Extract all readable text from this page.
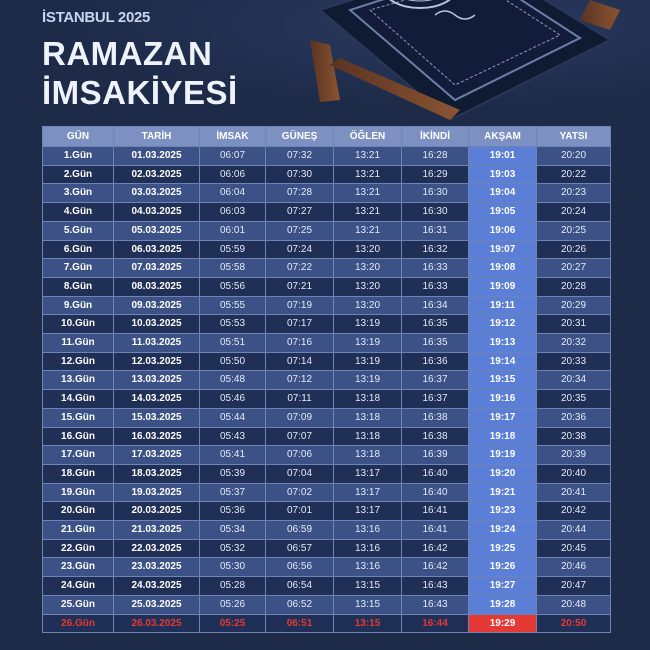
İSTANBUL 2025
RAMAZAN
İMSAKİYESİ
GÜN	TARİH	İMSAK	GÜNEŞ	ÖĞLEN	İKİNDİ	AKŞAM	YATSI
1.Gün	01.03.2025	06:07	07:32	13:21	16:28	19:01	20:20
2.Gün	02.03.2025	06:06	07:30	13:21	16:29	19:03	20:22
3.Gün	03.03.2025	06:04	07:28	13:21	16:30	19:04	20:23
4.Gün	04.03.2025	06:03	07:27	13:21	16:30	19:05	20:24
5.Gün	05.03.2025	06:01	07:25	13:21	16:31	19:06	20:25
6.Gün	06.03.2025	05:59	07:24	13:20	16:32	19:07	20:26
7.Gün	07.03.2025	05:58	07:22	13:20	16:33	19:08	20:27
8.Gün	08.03.2025	05:56	07:21	13:20	16:33	19:09	20:28
9.Gün	09.03.2025	05:55	07:19	13:20	16:34	19:11	20:29
10.Gün	10.03.2025	05:53	07:17	13:19	16:35	19:12	20:31
11.Gün	11.03.2025	05:51	07:16	13:19	16:35	19:13	20:32
12.Gün	12.03.2025	05:50	07:14	13:19	16:36	19:14	20:33
13.Gün	13.03.2025	05:48	07:12	13:19	16:37	19:15	20:34
14.Gün	14.03.2025	05:46	07:11	13:18	16:37	19:16	20:35
15.Gün	15.03.2025	05:44	07:09	13:18	16:38	19:17	20:36
16.Gün	16.03.2025	05:43	07:07	13:18	16:38	19:18	20:38
17.Gün	17.03.2025	05:41	07:06	13:18	16:39	19:19	20:39
18.Gün	18.03.2025	05:39	07:04	13:17	16:40	19:20	20:40
19.Gün	19.03.2025	05:37	07:02	13:17	16:40	19:21	20:41
20.Gün	20.03.2025	05:36	07:01	13:17	16:41	19:23	20:42
21.Gün	21.03.2025	05:34	06:59	13:16	16:41	19:24	20:44
22.Gün	22.03.2025	05:32	06:57	13:16	16:42	19:25	20:45
23.Gün	23.03.2025	05:30	06:56	13:16	16:42	19:26	20:46
24.Gün	24.03.2025	05:28	06:54	13:15	16:43	19:27	20:47
25.Gün	25.03.2025	05:26	06:52	13:15	16:43	19:28	20:48
26.Gün	26.03.2025	05:25	06:51	13:15	16:44	19:29	20:50
